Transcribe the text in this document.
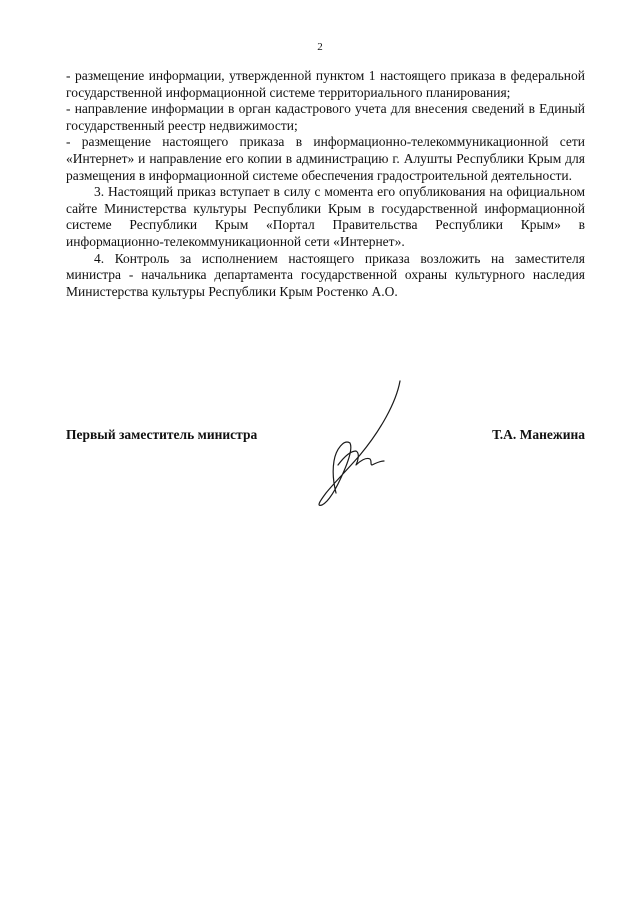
2

- размещение информации, утвержденной пунктом 1 настоящего приказа в федеральной государственной информационной системе территориального планирования;

- направление информации в орган кадастрового учета для внесения сведений в Единый государственный реестр недвижимости;

- размещение настоящего приказа в информационно-телекоммуникационной сети «Интернет» и направление его копии в администрацию г. Алушты Республики Крым для размещения в информационной системе обеспечения градостроительной деятельности.

3. Настоящий приказ вступает в силу с момента его опубликования на официальном сайте Министерства культуры Республики Крым в государственной информационной системе Республики Крым «Портал Правительства Республики Крым» в информационно-телекоммуникационной сети «Интернет».

4. Контроль за исполнением настоящего приказа возложить на заместителя министра - начальника департамента государственной охраны культурного наследия Министерства культуры Республики Крым Ростенко А.О.

Первый заместитель министра	Т.А. Манежина
